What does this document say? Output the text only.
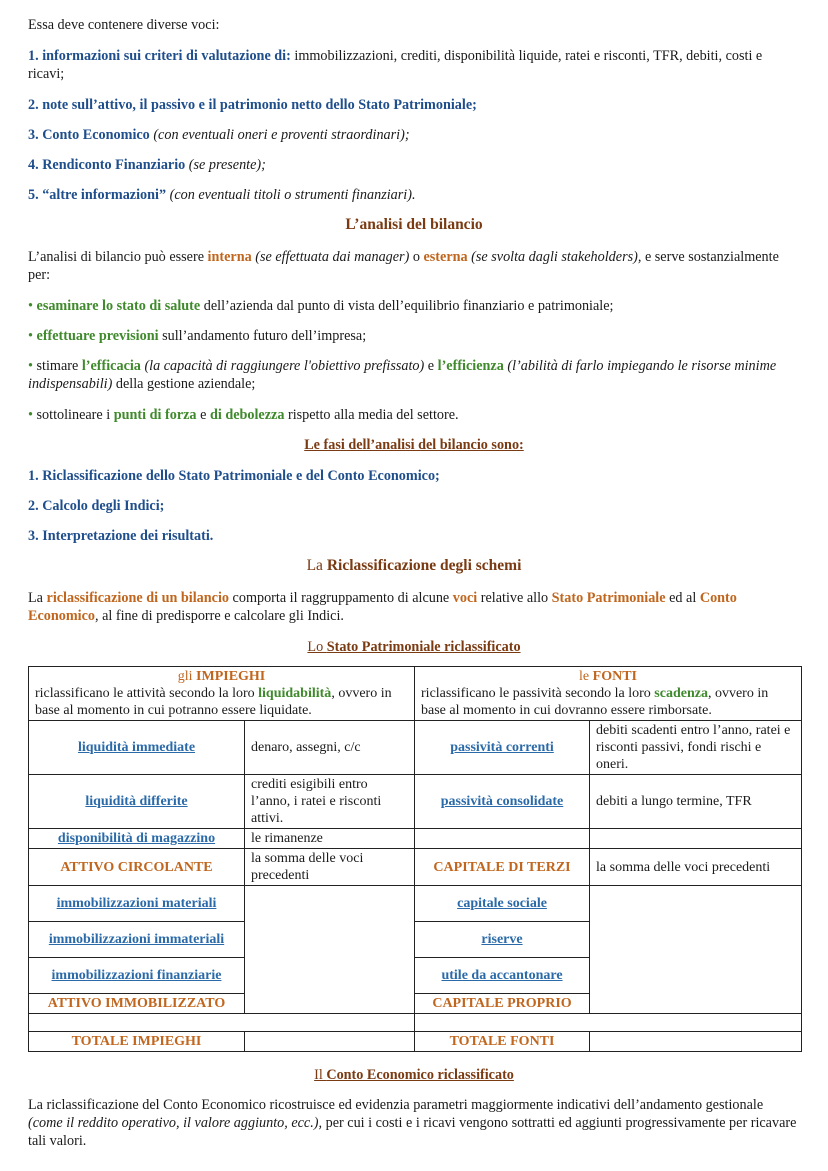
Essa deve contenere diverse voci:

1. informazioni sui criteri di valutazione di: immobilizzazioni, crediti, disponibilità liquide, ratei e risconti, TFR, debiti, costi e ricavi;

2. note sull’attivo, il passivo e il patrimonio netto dello Stato Patrimoniale;

3. Conto Economico (con eventuali oneri e proventi straordinari);

4. Rendiconto Finanziario (se presente);

5. “altre informazioni” (con eventuali titoli o strumenti finanziari).

L’analisi del bilancio

L’analisi di bilancio può essere interna (se effettuata dai manager) o esterna (se svolta dagli stakeholders), e serve sostanzialmente per:

• esaminare lo stato di salute dell’azienda dal punto di vista dell’equilibrio finanziario e patrimoniale;

• effettuare previsioni sull’andamento futuro dell’impresa;

• stimare l’efficacia (la capacità di raggiungere l'obiettivo prefissato) e l’efficienza (l’abilità di farlo impiegando le risorse minime indispensabili) della gestione aziendale;

• sottolineare i punti di forza e di debolezza rispetto alla media del settore.

Le fasi dell’analisi del bilancio sono:

1. Riclassificazione dello Stato Patrimoniale e del Conto Economico;

2. Calcolo degli Indici;

3. Interpretazione dei risultati.

La Riclassificazione degli schemi

La riclassificazione di un bilancio comporta il raggruppamento di alcune voci relative allo Stato Patrimoniale ed al Conto Economico, al fine di predisporre e calcolare gli Indici.

Lo Stato Patrimoniale riclassificato

gli IMPIEGHI
riclassificano le attività secondo la loro liquidabilità, ovvero in base al momento in cui potranno essere liquidate.		le FONTI
riclassificano le passività secondo la loro scadenza, ovvero in base al momento in cui dovranno essere rimborsate.	
liquidità immediate	denaro, assegni, c/c	passività correnti	debiti scadenti entro l’anno, ratei e risconti passivi, fondi rischi e oneri.
liquidità differite	crediti esigibili entro l’anno, i ratei e risconti attivi.	passività consolidate	debiti a lungo termine, TFR
disponibilità di magazzino	le rimanenze		
ATTIVO CIRCOLANTE	la somma delle voci precedenti	CAPITALE DI TERZI	la somma delle voci precedenti
immobilizzazioni materiali		capitale sociale	
immobilizzazioni immateriali		riserve	
immobilizzazioni finanziarie		utile da accantonare	
ATTIVO IMMOBILIZZATO		CAPITALE PROPRIO	

TOTALE IMPIEGHI		TOTALE FONTI	

Il Conto Economico riclassificato

La riclassificazione del Conto Economico ricostruisce ed evidenzia parametri maggiormente indicativi dell’andamento gestionale (come il reddito operativo, il valore aggiunto, ecc.), per cui i costi e i ricavi vengono sottratti ed aggiunti progressivamente per ricavare tali valori.
